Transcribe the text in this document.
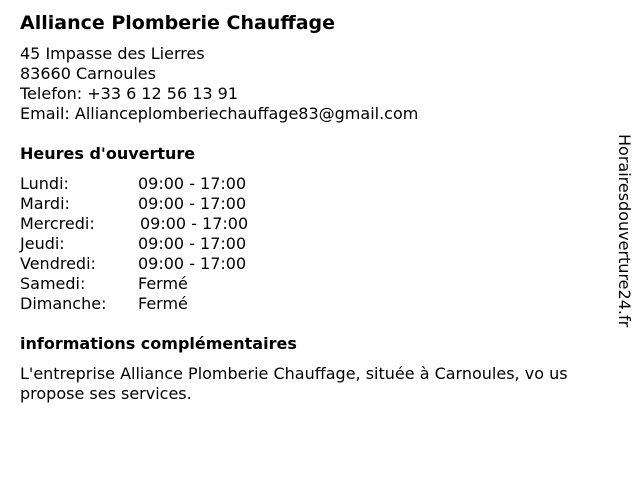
Alliance Plomberie Chauffage
45 Impasse des Lierres
83660 Carnoules
Telefon: +33 6 12 56 13 91
Email: Allianceplomberiechauffage83@gmail.com
Heures d'ouverture
Lundi:	09:00 - 17:00
Mardi:	09:00 - 17:00
Mercredi:	09:00 - 17:00
Jeudi:	09:00 - 17:00
Vendredi:	09:00 - 17:00
Samedi:	Fermé
Dimanche:	Fermé
informations complémentaires
L'entreprise Alliance Plomberie Chauffage, située à Carnoules, vo us propose ses services.
Horairesdouverture24.fr
